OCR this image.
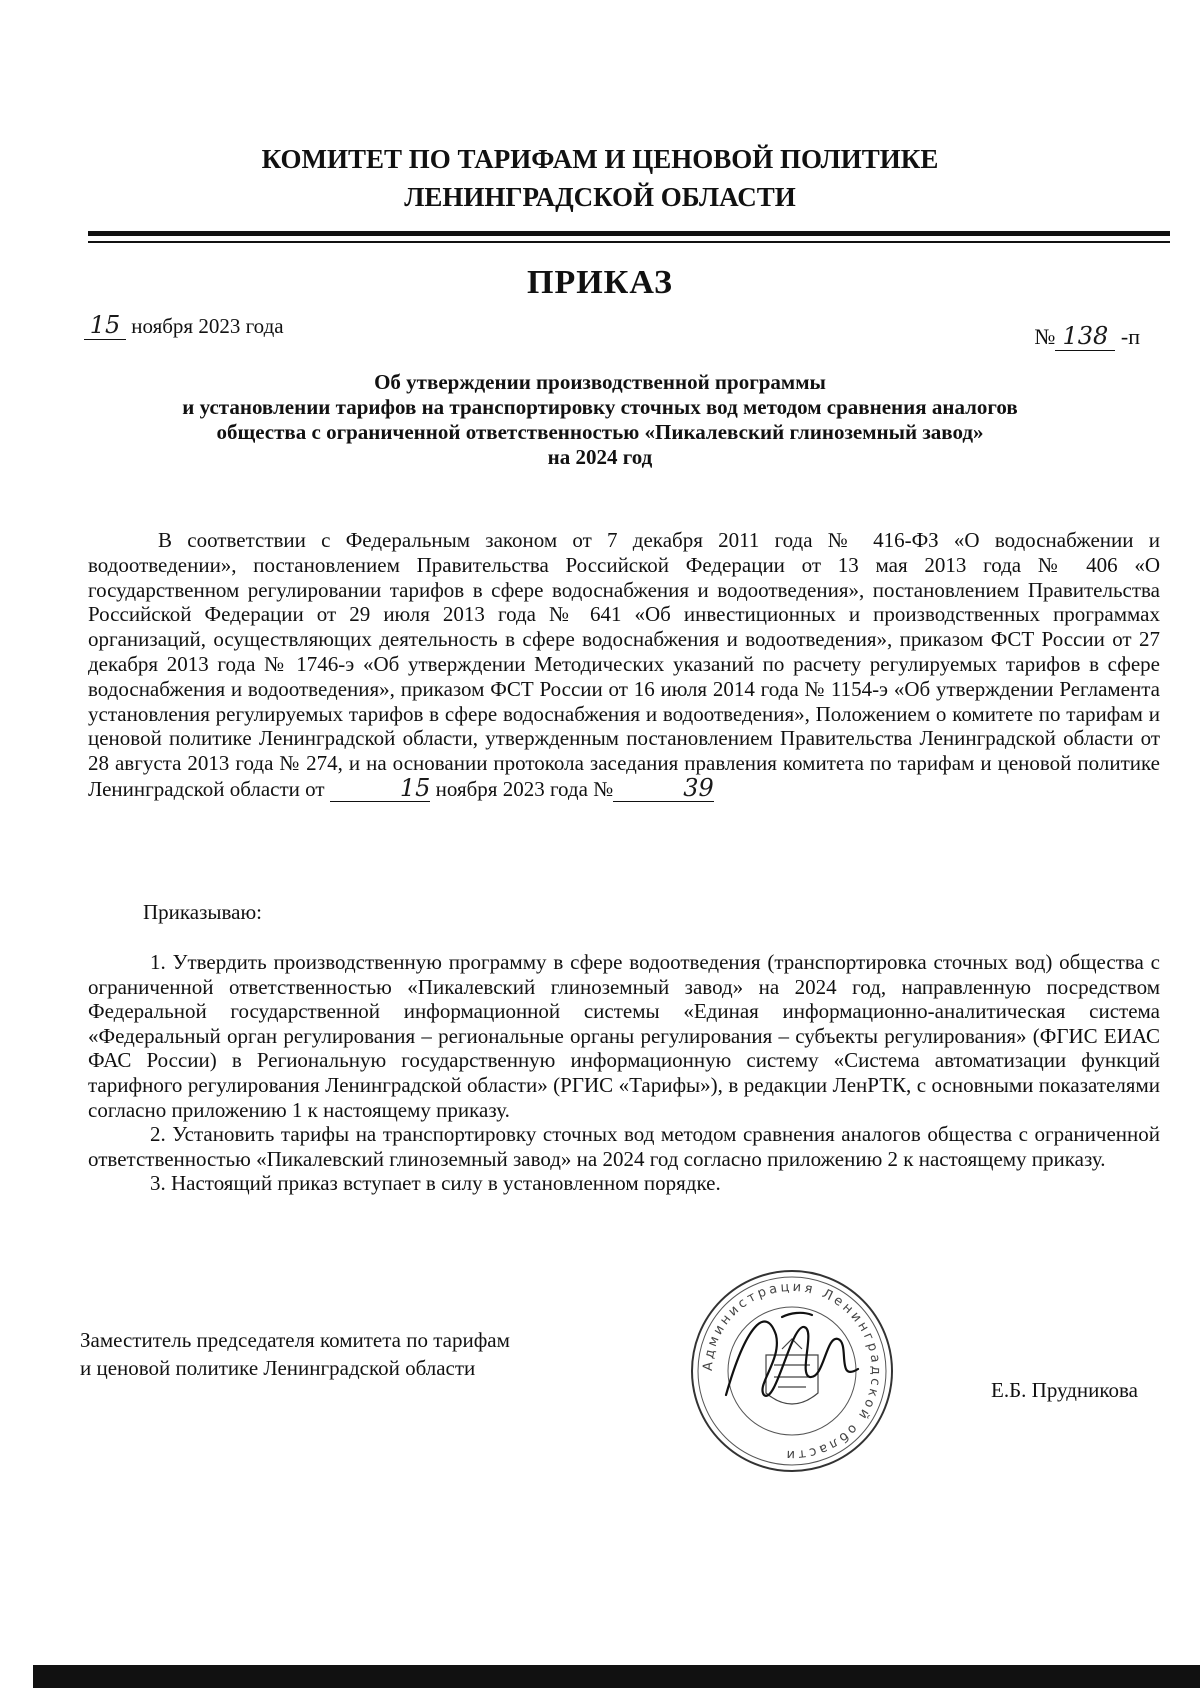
КОМИТЕТ ПО ТАРИФАМ И ЦЕНОВОЙ ПОЛИТИКЕ
ЛЕНИНГРАДСКОЙ ОБЛАСТИ
ПРИКАЗ
15 ноября 2023 года	№ 138 -п
Об утверждении производственной программы
и установлении тарифов на транспортировку сточных вод методом сравнения аналогов
общества с ограниченной ответственностью «Пикалевский глиноземный завод»
на 2024 год

В соответствии с Федеральным законом от 7 декабря 2011 года № 416-ФЗ «О водоснабжении и водоотведении», постановлением Правительства Российской Федерации от 13 мая 2013 года № 406 «О государственном регулировании тарифов в сфере водоснабжения и водоотведения», постановлением Правительства Российской Федерации от 29 июля 2013 года № 641 «Об инвестиционных и производственных программах организаций, осуществляющих деятельность в сфере водоснабжения и водоотведения», приказом ФСТ России от 27 декабря 2013 года № 1746-э «Об утверждении Методических указаний по расчету регулируемых тарифов в сфере водоснабжения и водоотведения», приказом ФСТ России от 16 июля 2014 года № 1154-э «Об утверждении Регламента установления регулируемых тарифов в сфере водоснабжения и водоотведения», Положением о комитете по тарифам и ценовой политике Ленинградской области, утвержденным постановлением Правительства Ленинградской области от 28 августа 2013 года № 274, и на основании протокола заседания правления комитета по тарифам и ценовой политике Ленинградской области от	15 ноября 2023 года №	39

Приказываю:

1. Утвердить производственную программу в сфере водоотведения (транспортировка сточных вод) общества с ограниченной ответственностью «Пикалевский глиноземный завод» на 2024 год, направленную посредством Федеральной государственной информационной системы «Единая информационно-аналитическая система «Федеральный орган регулирования – региональные органы регулирования – субъекты регулирования» (ФГИС ЕИАС ФАС России) в Региональную государственную информационную систему «Система автоматизации функций тарифного регулирования Ленинградской области» (РГИС «Тарифы»), в редакции ЛенРТК, с основными показателями согласно приложению 1 к настоящему приказу.

2. Установить тарифы на транспортировку сточных вод методом сравнения аналогов общества с ограниченной ответственностью «Пикалевский глиноземный завод» на 2024 год согласно приложению 2 к настоящему приказу.

3. Настоящий приказ вступает в силу в установленном порядке.

Заместитель председателя комитета по тарифам
и ценовой политике Ленинградской области	Администрация Ленинградской области
Е.Б. Прудникова
